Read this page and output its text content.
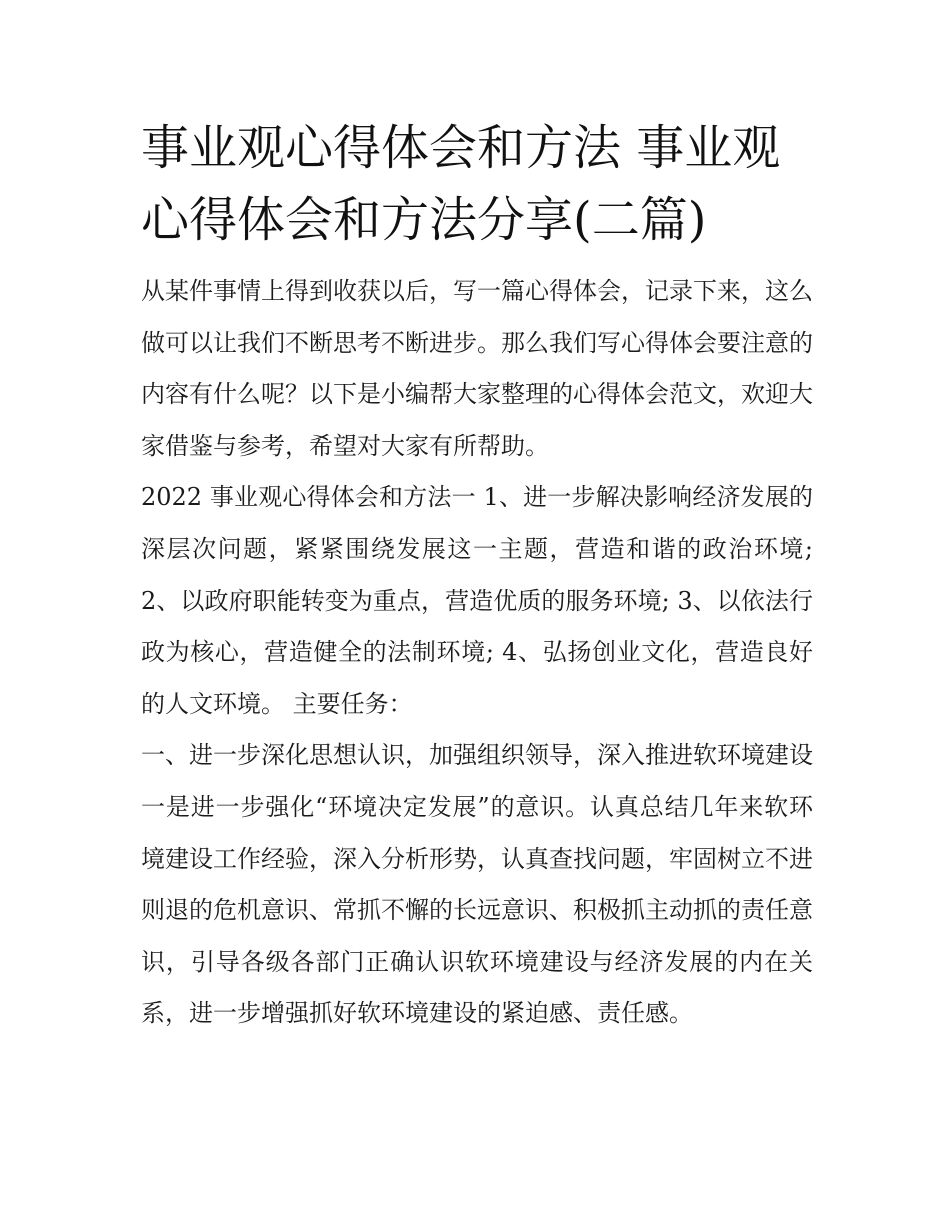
事业观心得体会和方法 事业观心得体会和方法分享(二篇)

从某件事情上得到收获以后，写一篇心得体会，记录下来，这么做可以让我们不断思考不断进步。那么我们写心得体会要注意的内容有什么呢？以下是小编帮大家整理的心得体会范文，欢迎大家借鉴与参考，希望对大家有所帮助。

2022 事业观心得体会和方法一 1、进一步解决影响经济发展的深层次问题，紧紧围绕发展这一主题，营造和谐的政治环境; 2、以政府职能转变为重点，营造优质的服务环境; 3、以依法行政为核心，营造健全的法制环境; 4、弘扬创业文化，营造良好的人文环境。 主要任务：

一、进一步深化思想认识，加强组织领导，深入推进软环境建设

一是进一步强化“环境决定发展”的意识。认真总结几年来软环境建设工作经验，深入分析形势，认真查找问题，牢固树立不进则退的危机意识、常抓不懈的长远意识、积极抓主动抓的责任意识，引导各级各部门正确认识软环境建设与经济发展的内在关系，进一步增强抓好软环境建设的紧迫感、责任感。
